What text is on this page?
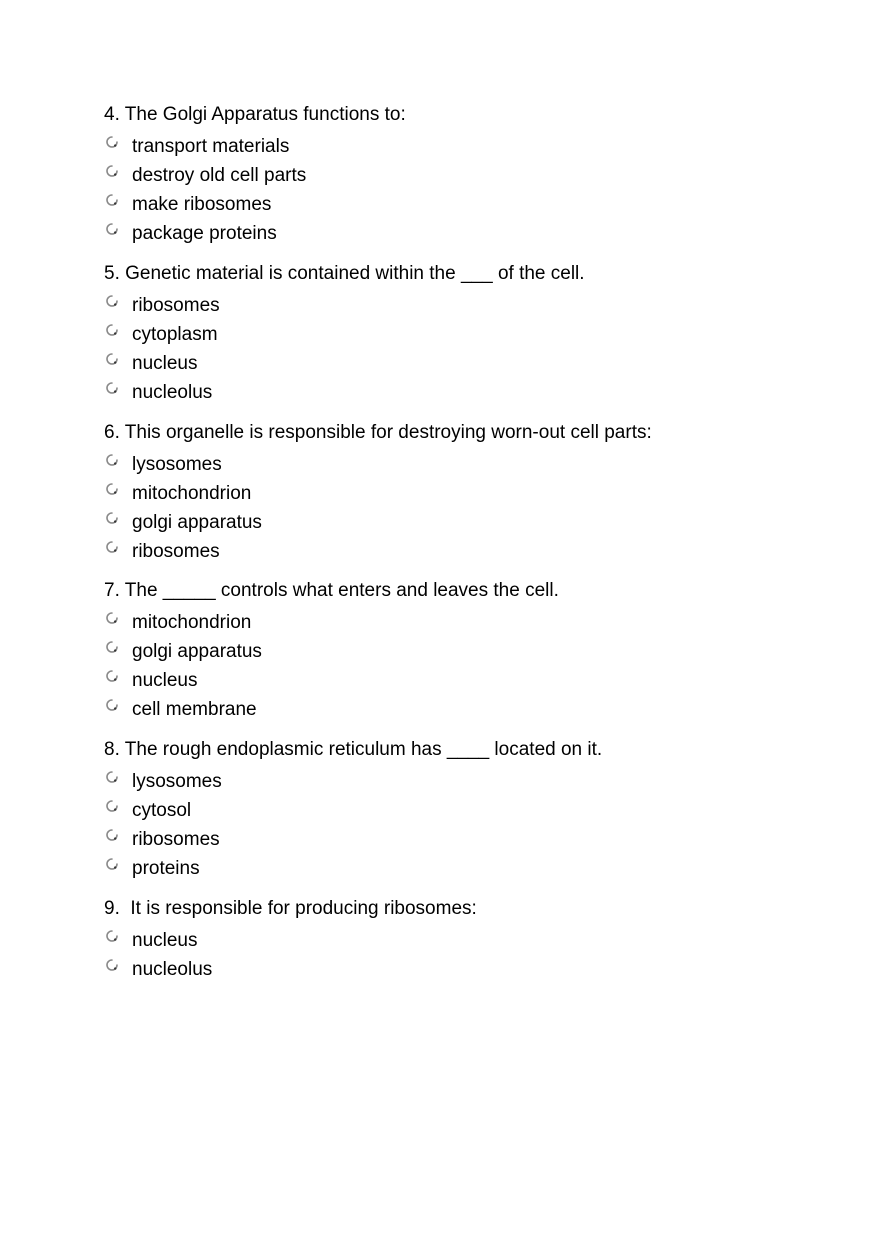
4. The Golgi Apparatus functions to:

transport materials
destroy old cell parts
make ribosomes
package proteins

5. Genetic material is contained within the ___ of the cell.

ribosomes
cytoplasm
nucleus
nucleolus

6. This organelle is responsible for destroying worn-out cell parts:

lysosomes
mitochondrion
golgi apparatus
ribosomes

7. The _____ controls what enters and leaves the cell.

mitochondrion
golgi apparatus
nucleus
cell membrane

8. The rough endoplasmic reticulum has ____ located on it.

lysosomes
cytosol
ribosomes
proteins

9.  It is responsible for producing ribosomes:

nucleus
nucleolus
